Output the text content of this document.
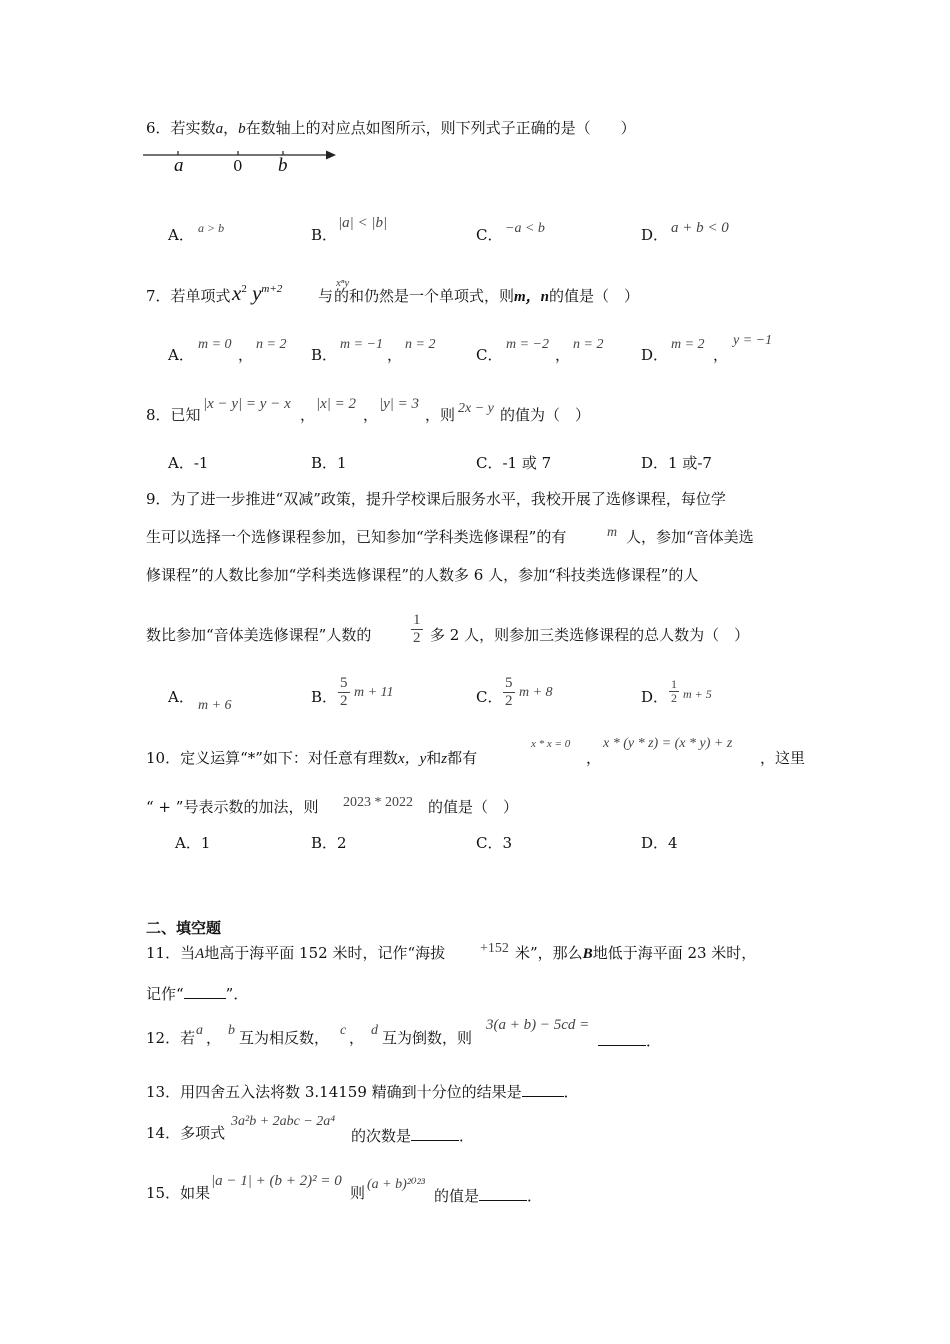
6．若实数a，b在数轴上的对应点如图所示，则下列式子正确的是（　　）
a	0 b
A． a > b	B．
|a| < |b|
C． −a < b	D． a + b < 0
7．若单项式 $x^2$ $y^{m+2}$ 与
xⁿy
的和仍然是一个单项式，则m，n的值是（　）
A．
m = 0
，
n = 2
B．
m = −1
，
n = 2
C．
m = −2
，
n = 2
D．
m = 2
，
y = −1
8．已知
|x − y| = y − x
，
|x| = 2
，
|y| = 3
，则 2x − y 的值为（　）
A．-1	B．1	C．-1 或 7	D．1 或-7
9．为了进一步推进“双减”政策，提升学校课后服务水平，我校开展了选修课程，每位学
生可以选择一个选修课程参加，已知参加“学科类选修课程”的有	m 人，参加“音体美选
修课程”的人数比参加“学科类选修课程”的人数多 6 人，参加“科技类选修课程”的人
数比参加“音体美选修课程”人数的	$\frac{1}{2}$ 多 2 人，则参加三类选修课程的总人数为（　）
A． m + 6	B． $\frac{5}{2}$ m + 11	C． $\frac{5}{2}$ m + 8	D． $\frac{1}{2}$ m + 5
10．定义运算“*”如下：对任意有理数x，y和z都有
x * x = 0
，
x * (y * z) = (x * y) + z
，这里
“ + ”号表示数的加法，则 2023 * 2022 的值是（　）
A．1	B．2	C．3	D．4
二、填空题
11．当A地高于海平面 152 米时，记作“海拔 +152 米”，那么B地低于海平面 23 米时，
记作“	”．
12．若 a ， b 互为相反数， c ， d 互为倒数，则
3(a + b) − 5cd =
．
13．用四舍五入法将数 3.14159 精确到十分位的结果是	．
14．多项式
3a²b + 2abc − 2a⁴
的次数是	．
15．如果
|a − 1| + (b + 2)² = 0
则 (a + b)²⁰²³
的值是	．
